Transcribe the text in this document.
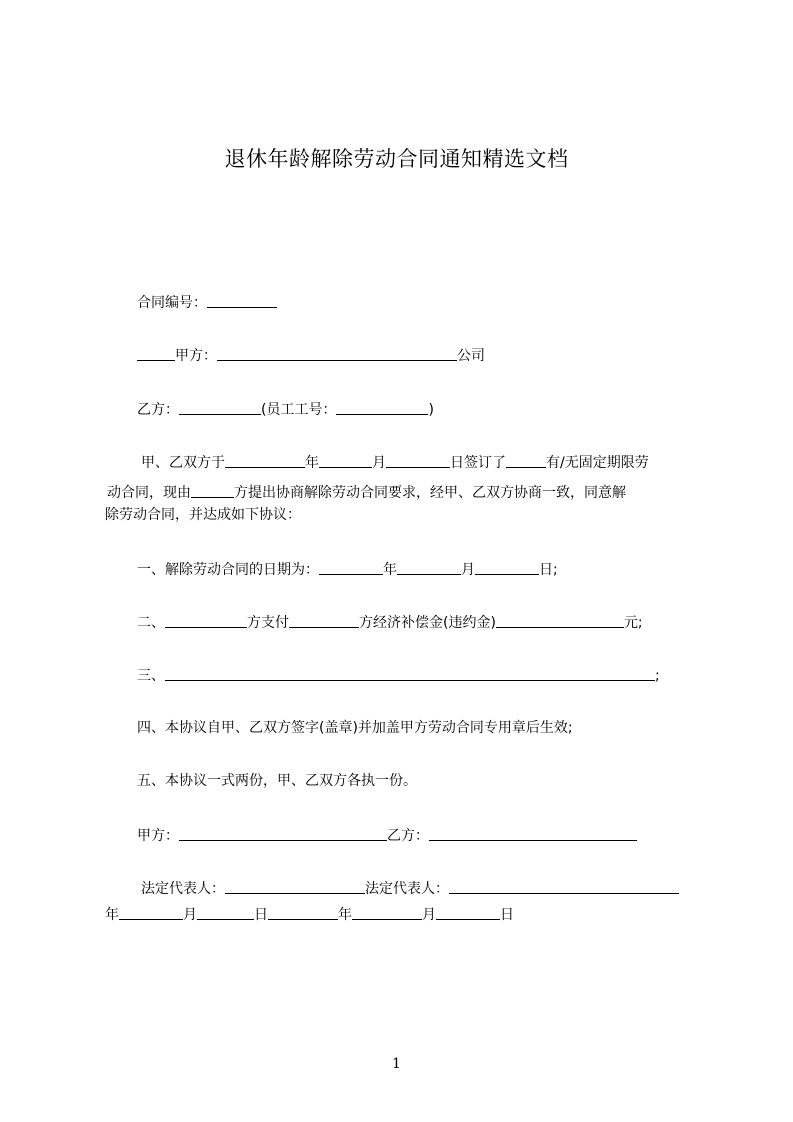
退休年龄解除劳动合同通知精选文档
合同编号：
甲方：	公司
乙方：	(员工工号：	)
甲、乙双方于	年	月	日签订了	有/无固定期限劳
动合同，现由	方提出协商解除劳动合同要求，经甲、乙双方协商一致，同意解
除劳动合同，并达成如下协议：
一、解除劳动合同的日期为：	年	月	日;
二、	方支付	方经济补偿金(违约金)	元;
三、	;
四、本协议自甲、乙双方签字(盖章)并加盖甲方劳动合同专用章后生效;
五、本协议一式两份，甲、乙双方各执一份。
甲方：	乙方：
法定代表人：	法定代表人：
年	月	日	年	月	日
1
